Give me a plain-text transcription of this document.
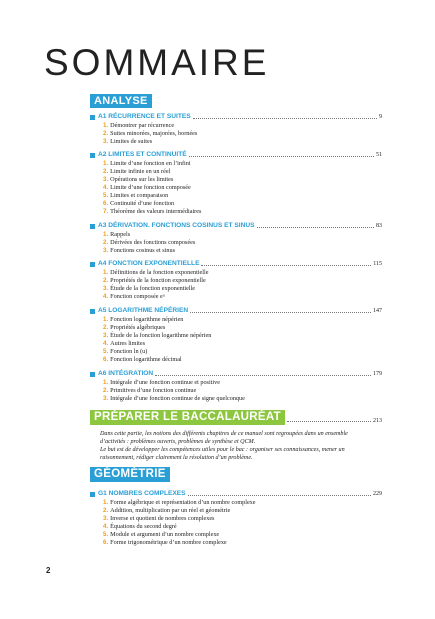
SOMMAIRE
ANALYSE
A1 RÉCURRENCE ET SUITES	9
1. Démontrer par récurrence
2. Suites minorées, majorées, bornées
3. Limites de suites
A2 LIMITES ET CONTINUITÉ	51
1. Limite d’une fonction en l’infini
2. Limite infinie en un réel
3. Opérations sur les limites
4. Limite d’une fonction composée
5. Limites et comparaison
6. Continuité d’une fonction
7. Théorème des valeurs intermédiaires
A3 DÉRIVATION. FONCTIONS COSINUS ET SINUS	83
1. Rappels
2. Dérivées des fonctions composées
3. Fonctions cosinus et sinus
A4 FONCTION EXPONENTIELLE	115
1. Définitions de la fonction exponentielle
2. Propriétés de la fonction exponentielle
3. Étude de la fonction exponentielle
4. Fonction composée eᵘ
A5 LOGARITHME NÉPÉRIEN	147
1. Fonction logarithme népérien
2. Propriétés algébriques
3. Étude de la fonction logarithme népérien
4. Autres limites
5. Fonction ln (u)
6. Fonction logarithme décimal
A6 INTÉGRATION	179
1. Intégrale d’une fonction continue et positive
2. Primitives d’une fonction continue
3. Intégrale d’une fonction continue de signe quelconque
PRÉPARER LE BACCALAURÉAT	213
Dans cette partie, les notions des différents chapitres de ce manuel sont regroupées dans un ensemble
d’activités : problèmes ouverts, problèmes de synthèse et QCM.
Le but est de développer les compétences utiles pour le bac : organiser ses connaissances, mener un
raisonnement, rédiger clairement la résolution d’un problème.
GÉOMÉTRIE
G1 NOMBRES COMPLEXES	229
1. Forme algébrique et représentation d’un nombre complexe
2. Addition, multiplication par un réel et géométrie
3. Inverse et quotient de nombres complexes
4. Équations du second degré
5. Module et argument d’un nombre complexe
6. Forme trigonométrique d’un nombre complexe
2
